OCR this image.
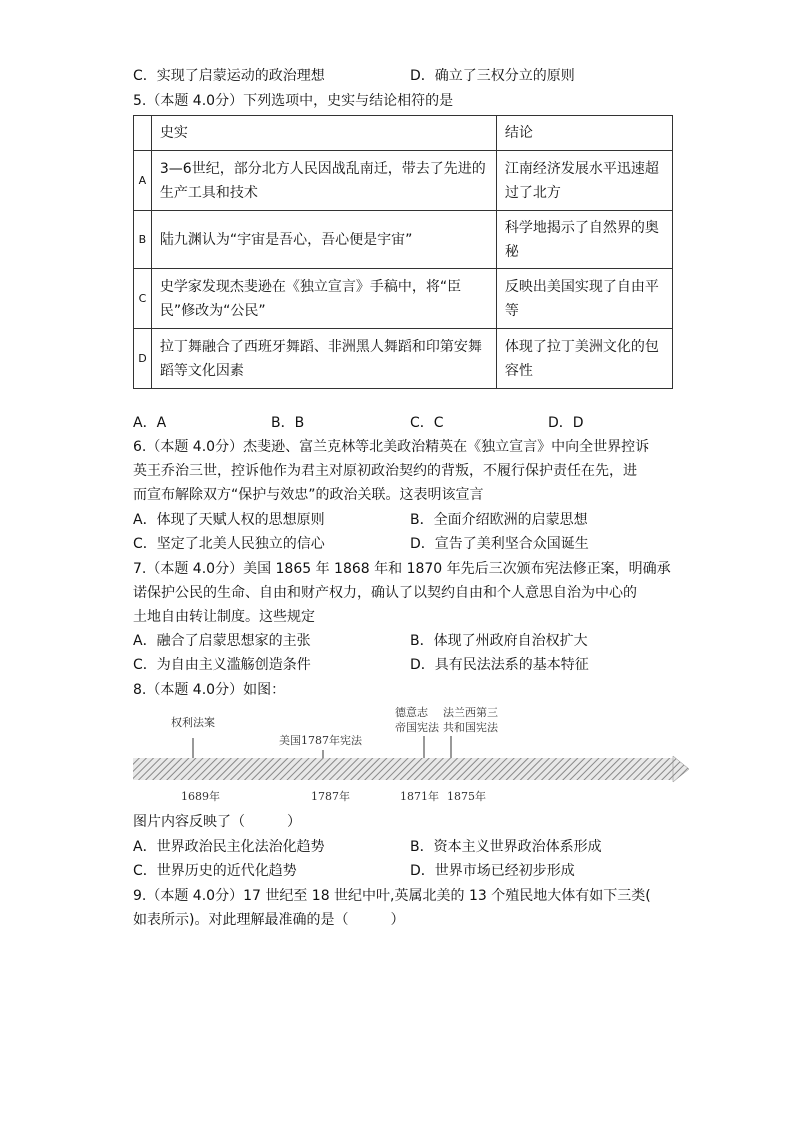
C．实现了启蒙运动的政治理想	D．确立了三权分立的原则
5.（本题 4.0分）下列选项中，史实与结论相符的是
	史实	结论
A	3—6世纪，部分北方人民因战乱南迁，带去了先进的生产工具和技术	江南经济发展水平迅速超过了北方
B	陆九渊认为“宇宙是吾心，吾心便是宇宙”	科学地揭示了自然界的奥秘
C	史学家发现杰斐逊在《独立宣言》手稿中，将“臣民”修改为“公民”	反映出美国实现了自由平等
D	拉丁舞融合了西班牙舞蹈、非洲黑人舞蹈和印第安舞蹈等文化因素	体现了拉丁美洲文化的包容性
A．A	B．B	C．C	D．D
6.（本题 4.0分）杰斐逊、富兰克林等北美政治精英在《独立宣言》中向全世界控诉
英王乔治三世，控诉他作为君主对原初政治契约的背叛，不履行保护责任在先，进
而宣布解除双方“保护与效忠”的政治关联。这表明该宣言
A．体现了天赋人权的思想原则	B．全面介绍欧洲的启蒙思想
C．坚定了北美人民独立的信心	D．宣告了美利坚合众国诞生
7.（本题 4.0分）美国 1865 年 1868 年和 1870 年先后三次颁布宪法修正案，明确承
诺保护公民的生命、自由和财产权力，确认了以契约自由和个人意思自治为中心的
土地自由转让制度。这些规定
A．融合了启蒙思想家的主张	B．体现了州政府自治权扩大
C．为自由主义滥觞创造条件	D．具有民法法系的基本特征
8.（本题 4.0分）如图：
权利法案
1689年
美国1787年宪法
1787年
德意志
帝国宪法
1871年
法兰西第三
共和国宪法
1875年
图片内容反映了（　　　）
A．世界政治民主化法治化趋势	B．资本主义世界政治体系形成
C．世界历史的近代化趋势	D．世界市场已经初步形成
9.（本题 4.0分）17 世纪至 18 世纪中叶,英属北美的 13 个殖民地大体有如下三类(
如表所示)。对此理解最准确的是（　　　）
